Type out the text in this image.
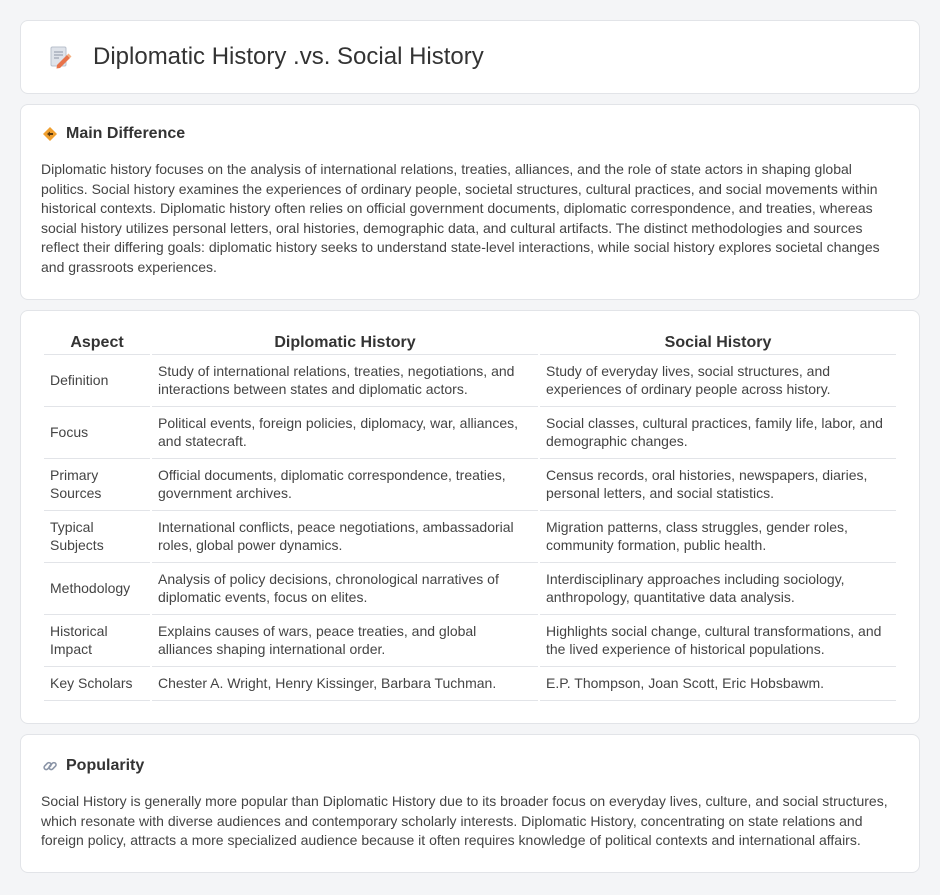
Diplomatic History .vs. Social History
Main Difference

Diplomatic history focuses on the analysis of international relations, treaties, alliances, and the role of state actors in shaping global politics. Social history examines the experiences of ordinary people, societal structures, cultural practices, and social movements within historical contexts. Diplomatic history often relies on official government documents, diplomatic correspondence, and treaties, whereas social history utilizes personal letters, oral histories, demographic data, and cultural artifacts. The distinct methodologies and sources reflect their differing goals: diplomatic history seeks to understand state-level interactions, while social history explores societal changes and grassroots experiences.

Aspect	Diplomatic History	Social History
Definition	Study of international relations, treaties, negotiations, and interactions between states and diplomatic actors.	Study of everyday lives, social structures, and experiences of ordinary people across history.
Focus	Political events, foreign policies, diplomacy, war, alliances, and statecraft.	Social classes, cultural practices, family life, labor, and demographic changes.
Primary Sources	Official documents, diplomatic correspondence, treaties, government archives.	Census records, oral histories, newspapers, diaries, personal letters, and social statistics.
Typical Subjects	International conflicts, peace negotiations, ambassadorial roles, global power dynamics.	Migration patterns, class struggles, gender roles, community formation, public health.
Methodology	Analysis of policy decisions, chronological narratives of diplomatic events, focus on elites.	Interdisciplinary approaches including sociology, anthropology, quantitative data analysis.
Historical Impact	Explains causes of wars, peace treaties, and global alliances shaping international order.	Highlights social change, cultural transformations, and the lived experience of historical populations.
Key Scholars	Chester A. Wright, Henry Kissinger, Barbara Tuchman.	E.P. Thompson, Joan Scott, Eric Hobsbawm.
Popularity

Social History is generally more popular than Diplomatic History due to its broader focus on everyday lives, culture, and social structures, which resonate with diverse audiences and contemporary scholarly interests. Diplomatic History, concentrating on state relations and foreign policy, attracts a more specialized audience because it often requires knowledge of political contexts and international affairs.
